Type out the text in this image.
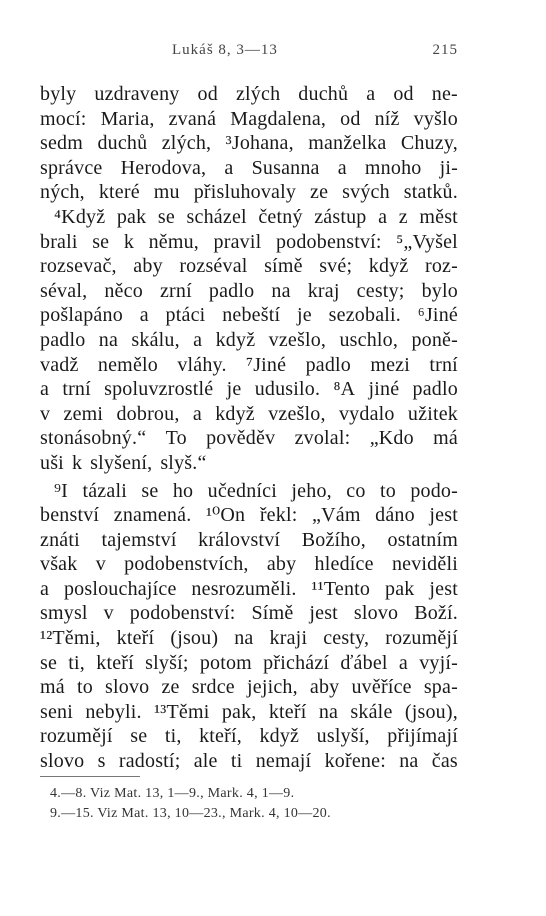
Lukáš 8, 3—13	215
byly uzdraveny od zlých duchů a od ne-
mocí: Maria, zvaná Magdalena, od níž vyšlo
sedm duchů zlých, ³Johana, manželka Chuzy,
správce Herodova, a Susanna a mnoho ji-
ných, které mu přisluhovaly ze svých statků.
⁴Když pak se scházel četný zástup a z měst
brali se k němu, pravil podobenství: ⁵„Vyšel
rozsevač, aby rozséval símě své; když roz-
séval, něco zrní padlo na kraj cesty; bylo
pošlapáno a ptáci nebeští je sezobali. ⁶Jiné
padlo na skálu, a když vzešlo, uschlo, poně-
vadž nemělo vláhy. ⁷Jiné padlo mezi trní
a trní spoluvzrostlé je udusilo. ⁸A jiné padlo
v zemi dobrou, a když vzešlo, vydalo užitek
stonásobný.“ To pověděv zvolal: „Kdo má
uši k slyšení, slyš.“
⁹I tázali se ho učedníci jeho, co to podo-
benství znamená. ¹⁰On řekl: „Vám dáno jest
znáti tajemství království Božího, ostatním
však v podobenstvích, aby hledíce neviděli
a poslouchajíce nesrozuměli. ¹¹Tento pak jest
smysl v podobenství: Símě jest slovo Boží.
¹²Těmi, kteří (jsou) na kraji cesty, rozumějí
se ti, kteří slyší; potom přichází ďábel a vyjí-
má to slovo ze srdce jejich, aby uvěříce spa-
seni nebyli. ¹³Těmi pak, kteří na skále (jsou),
rozumějí se ti, kteří, když uslyší, přijímají
slovo s radostí; ale ti nemají kořene: na čas
4.—8. Viz Mat. 13, 1—9., Mark. 4, 1—9.
9.—15. Viz Mat. 13, 10—23., Mark. 4, 10—20.
